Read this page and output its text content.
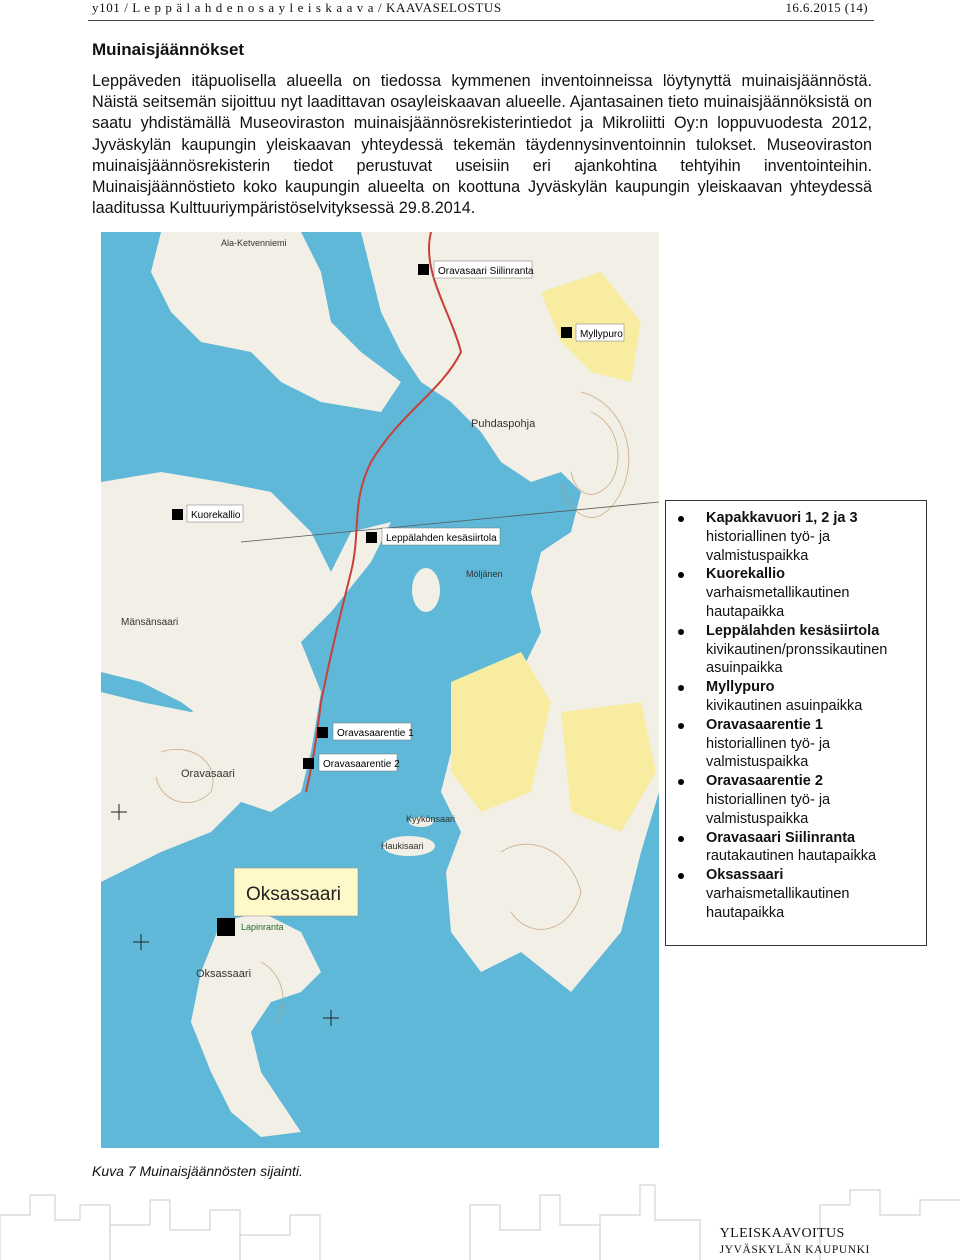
y101 / L e p p ä l a h d e n o s a y l e i s k a a v a / KAAVASELOSTUS	16.6.2015 (14)
Muinaisjäännökset

Leppäveden itäpuolisella alueella on tiedossa kymmenen inventoinneissa löytynyttä muinaisjäännöstä. Näistä seitsemän sijoittuu nyt laadittavan osayleiskaavan alueelle. Ajantasainen tieto muinaisjäännöksistä on saatu yhdistämällä Museoviraston muinaisjäännösrekisterintiedot ja Mikroliitti Oy:n loppuvuodesta 2012, Jyväskylän kaupungin yleiskaavan yhteydessä tekemän täydennysinventoinnin tulokset. Museoviraston muinaisjäännösrekisterin tiedot perustuvat useisiin eri ajankohtina tehtyihin inventointeihin. Muinaisjäännöstieto koko kaupungin alueelta on koottuna Jyväskylän kaupungin yleiskaavan yhteydessä laaditussa Kulttuuriympäristöselvityksessä 29.8.2014.

Oravasaari Siilinranta
Myllypuro
Kuorekallio
Leppälahden kesäsiirtola
Oravasaarentie 1
Oravasaarentie 2
Lapinranta
Ala-Ketvenniemi
Puhdaspohja
Mänsänsaari
Oravasaari
Oksassaari
Haukisaari
Kyykönsaari
Möljänen
Oksassaari
Kapakkavuori 1, 2 ja 3
historiallinen työ- ja valmistuspaikka
Kuorekallio
varhaismetallikautinen hautapaikka
Leppälahden kesäsiirtola
kivikautinen/pronssikautinen asuinpaikka
Myllypuro
kivikautinen asuinpaikka
Oravasaarentie 1
historiallinen työ- ja valmistuspaikka
Oravasaarentie 2
historiallinen työ- ja valmistuspaikka
Oravasaari Siilinranta
rautakautinen hautapaikka
Oksassaari
varhaismetallikautinen hautapaikka
Kuva 7 Muinaisjäännösten sijainti.
YLEISKAAVOITUS
JYVÄSKYLÄN KAUPUNKI
